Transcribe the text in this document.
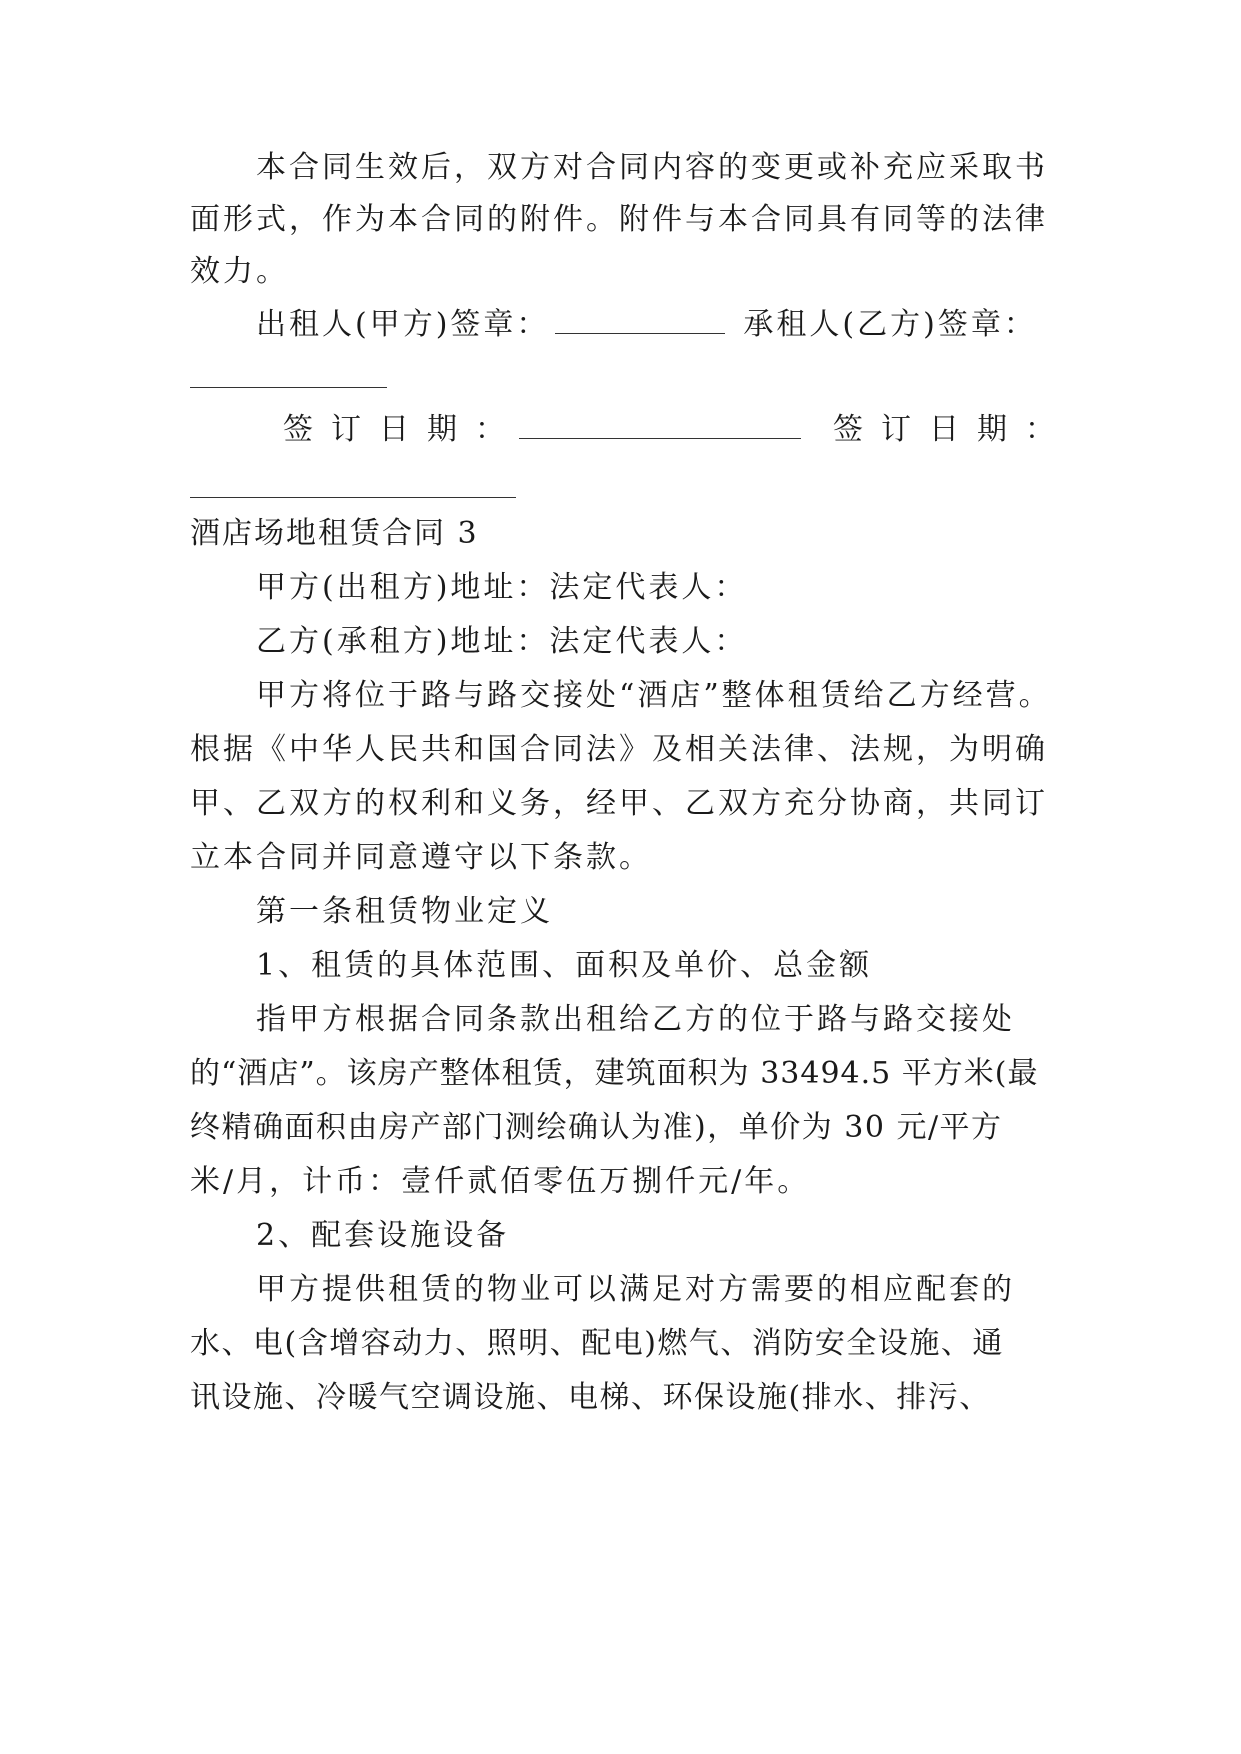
本合同生效后，双方对合同内容的变更或补充应采取书
面形式，作为本合同的附件。附件与本合同具有同等的法律
效力。
出租人(甲方)签章：	承租人(乙方)签章：
签订日期：	签订日期：
酒店场地租赁合同 3
甲方(出租方)地址：法定代表人：
乙方(承租方)地址：法定代表人：
甲方将位于路与路交接处“酒店”整体租赁给乙方经营。
根据《中华人民共和国合同法》及相关法律、法规，为明确
甲、乙双方的权利和义务，经甲、乙双方充分协商，共同订
立本合同并同意遵守以下条款。
第一条租赁物业定义
1、租赁的具体范围、面积及单价、总金额
指甲方根据合同条款出租给乙方的位于路与路交接处
的“酒店”。该房产整体租赁，建筑面积为 33494.5 平方米(最
终精确面积由房产部门测绘确认为准)，单价为 30 元/平方
米/月，计币：壹仟贰佰零伍万捌仟元/年。
2、配套设施设备
甲方提供租赁的物业可以满足对方需要的相应配套的
水、电(含增容动力、照明、配电)燃气、消防安全设施、通
讯设施、冷暖气空调设施、电梯、环保设施(排水、排污、
